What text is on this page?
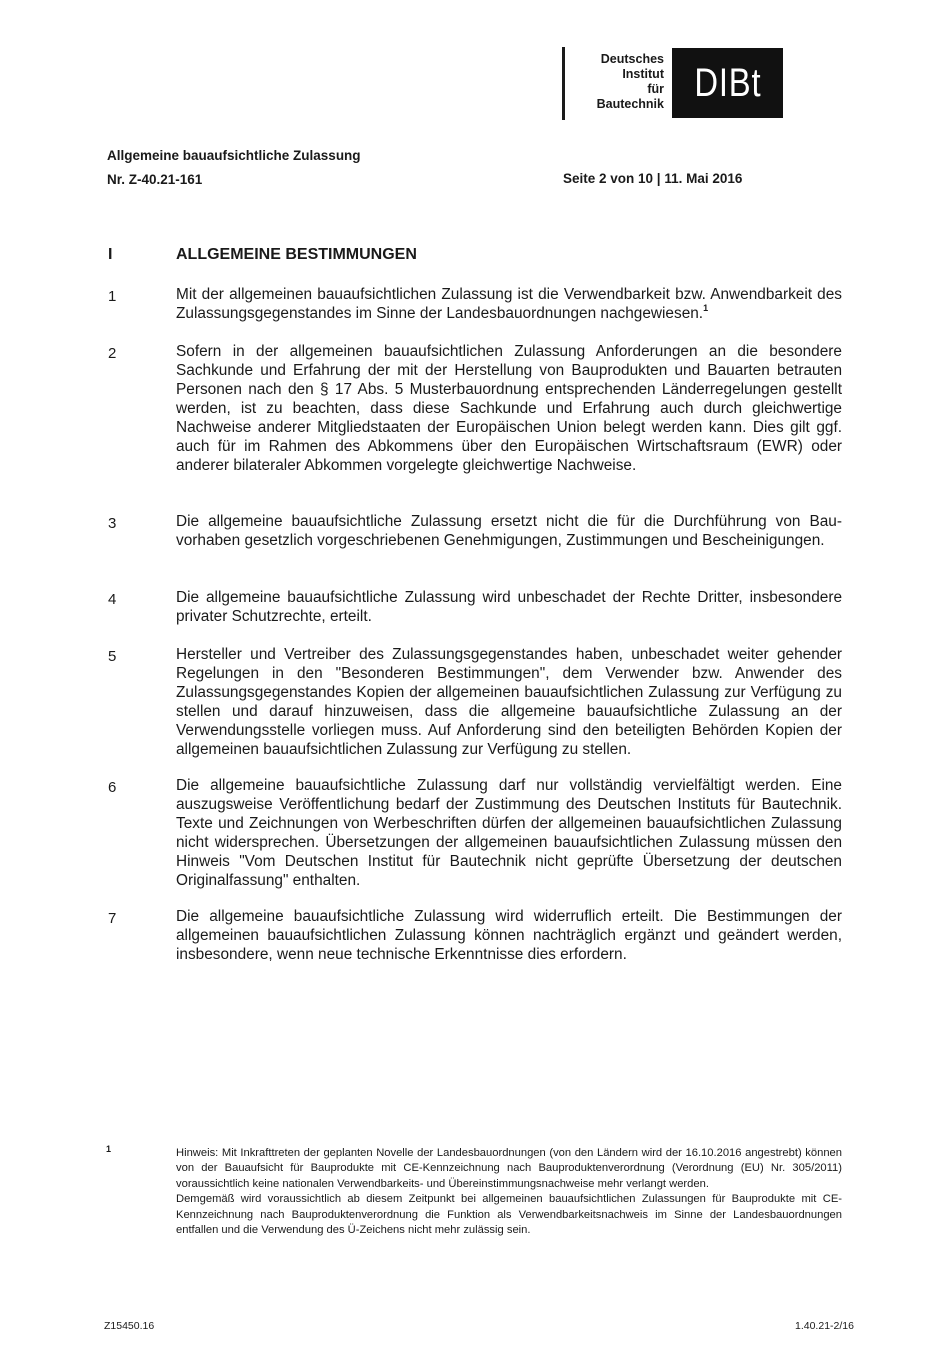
Deutsches
Institut
für
Bautechnik DIBt
Allgemeine bauaufsichtliche Zulassung
Nr. Z-40.21-161	Seite 2 von 10 | 11. Mai 2016
I	ALLGEMEINE BESTIMMUNGEN
1	Mit der allgemeinen bauaufsichtlichen Zulassung ist die Verwendbarkeit bzw. Anwendbarkeit des Zulassungsgegenstandes im Sinne der Landesbauordnungen nachgewiesen.$^1$
2	Sofern in der allgemeinen bauaufsichtlichen Zulassung Anforderungen an die besondere Sachkunde und Erfahrung der mit der Herstellung von Bauprodukten und Bauarten betrauten Personen nach den § 17 Abs. 5 Musterbauordnung entsprechenden Länderregelungen gestellt werden, ist zu beachten, dass diese Sachkunde und Erfahrung auch durch gleichwertige Nachweise anderer Mitgliedstaaten der Europäischen Union belegt werden kann. Dies gilt ggf. auch für im Rahmen des Abkommens über den Europäischen Wirtschaftsraum (EWR) oder anderer bilateraler Abkommen vorgelegte gleichwertige Nachweise.
3	Die allgemeine bauaufsichtliche Zulassung ersetzt nicht die für die Durchführung von Bauvorhaben gesetzlich vorgeschriebenen Genehmigungen, Zustimmungen und Bescheinigungen.
4	Die allgemeine bauaufsichtliche Zulassung wird unbeschadet der Rechte Dritter, insbesondere privater Schutzrechte, erteilt.
5	Hersteller und Vertreiber des Zulassungsgegenstandes haben, unbeschadet weiter gehender Regelungen in den "Besonderen Bestimmungen", dem Verwender bzw. Anwender des Zulassungsgegenstandes Kopien der allgemeinen bauaufsichtlichen Zulassung zur Verfügung zu stellen und darauf hinzuweisen, dass die allgemeine bauaufsichtliche Zulassung an der Verwendungsstelle vorliegen muss. Auf Anforderung sind den beteiligten Behörden Kopien der allgemeinen bauaufsichtlichen Zulassung zur Verfügung zu stellen.
6	Die allgemeine bauaufsichtliche Zulassung darf nur vollständig vervielfältigt werden. Eine auszugsweise Veröffentlichung bedarf der Zustimmung des Deutschen Instituts für Bautechnik. Texte und Zeichnungen von Werbeschriften dürfen der allgemeinen bauaufsichtlichen Zulassung nicht widersprechen. Übersetzungen der allgemeinen bauaufsichtlichen Zulassung müssen den Hinweis "Vom Deutschen Institut für Bautechnik nicht geprüfte Übersetzung der deutschen Originalfassung" enthalten.
7	Die allgemeine bauaufsichtliche Zulassung wird widerruflich erteilt. Die Bestimmungen der allgemeinen bauaufsichtlichen Zulassung können nachträglich ergänzt und geändert werden, insbesondere, wenn neue technische Erkenntnisse dies erfordern.
1	Hinweis: Mit Inkrafttreten der geplanten Novelle der Landesbauordnungen (von den Ländern wird der 16.10.2016 angestrebt) können von der Bauaufsicht für Bauprodukte mit CE-Kennzeichnung nach Bauproduktenverordnung (Verordnung (EU) Nr. 305/2011) voraussichtlich keine nationalen Verwendbarkeits- und Übereinstimmungsnachweise mehr verlangt werden.

Demgemäß wird voraussichtlich ab diesem Zeitpunkt bei allgemeinen bauaufsichtlichen Zulassungen für Bauprodukte mit CE-Kennzeichnung nach Bauproduktenverordnung die Funktion als Verwendbarkeitsnachweis im Sinne der Landesbauordnungen entfallen und die Verwendung des Ü-Zeichens nicht mehr zulässig sein.

Z15450.16	1.40.21-2/16
